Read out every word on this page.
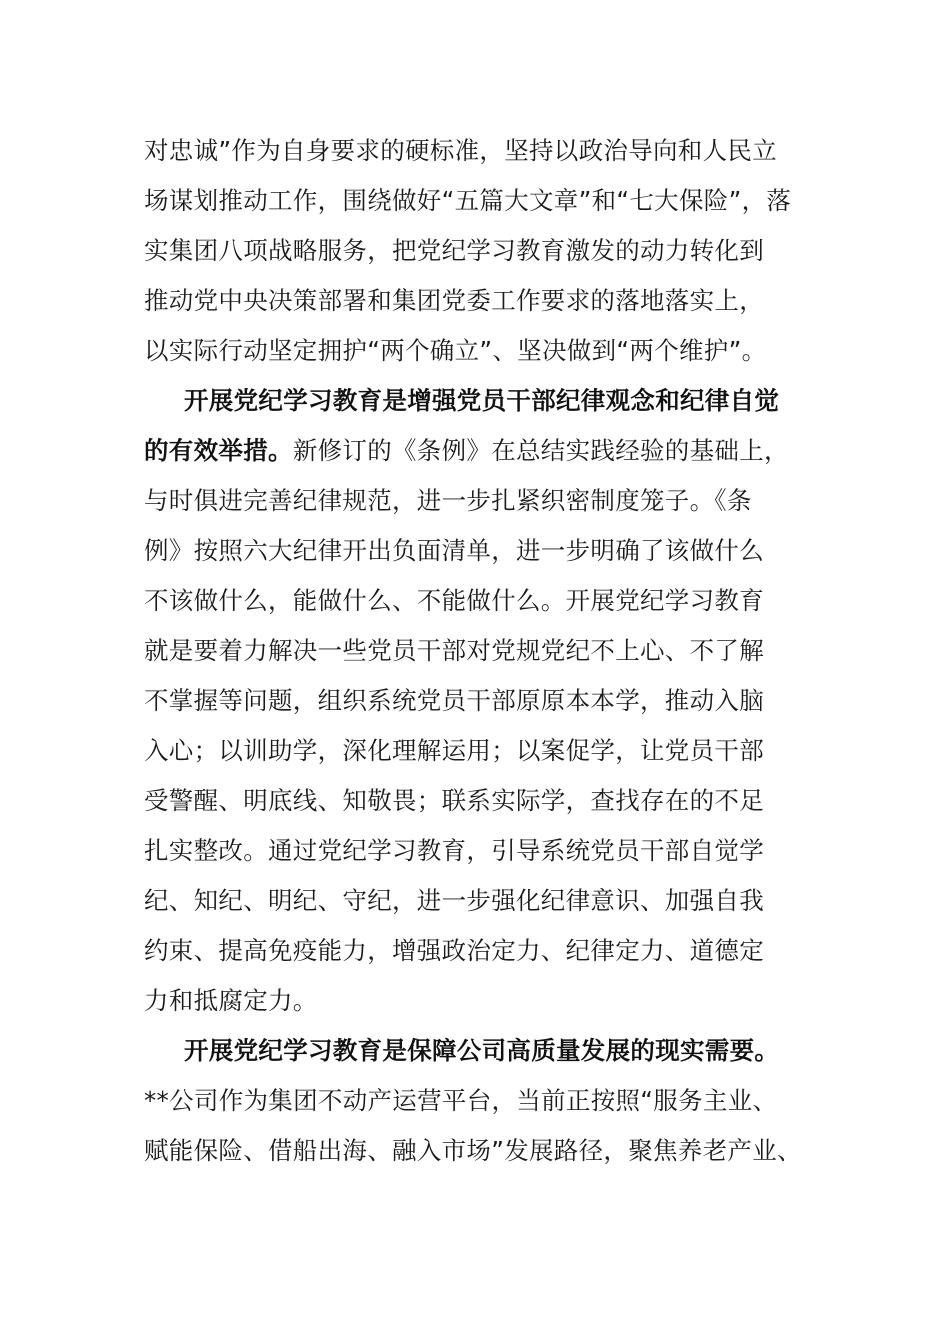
对忠诚”作为自身要求的硬标准，坚持以政治导向和人民立
场谋划推动工作，围绕做好“五篇大文章”和“七大保险”，落
实集团八项战略服务，把党纪学习教育激发的动力转化到
推动党中央决策部署和集团党委工作要求的落地落实上，
以实际行动坚定拥护“两个确立”、坚决做到“两个维护”。
开展党纪学习教育是增强党员干部纪律观念和纪律自觉
的有效举措。新修订的《条例》在总结实践经验的基础上，
与时俱进完善纪律规范，进一步扎紧织密制度笼子。《条
例》按照六大纪律开出负面清单，进一步明确了该做什么
不该做什么，能做什么、不能做什么。开展党纪学习教育
就是要着力解决一些党员干部对党规党纪不上心、不了解
不掌握等问题，组织系统党员干部原原本本学，推动入脑
入心；以训助学，深化理解运用；以案促学，让党员干部
受警醒、明底线、知敬畏；联系实际学，查找存在的不足
扎实整改。通过党纪学习教育，引导系统党员干部自觉学
纪、知纪、明纪、守纪，进一步强化纪律意识、加强自我
约束、提高免疫能力，增强政治定力、纪律定力、道德定
力和抵腐定力。
开展党纪学习教育是保障公司高质量发展的现实需要。
**公司作为集团不动产运营平台，当前正按照“服务主业、
赋能保险、借船出海、融入市场”发展路径，聚焦养老产业、
